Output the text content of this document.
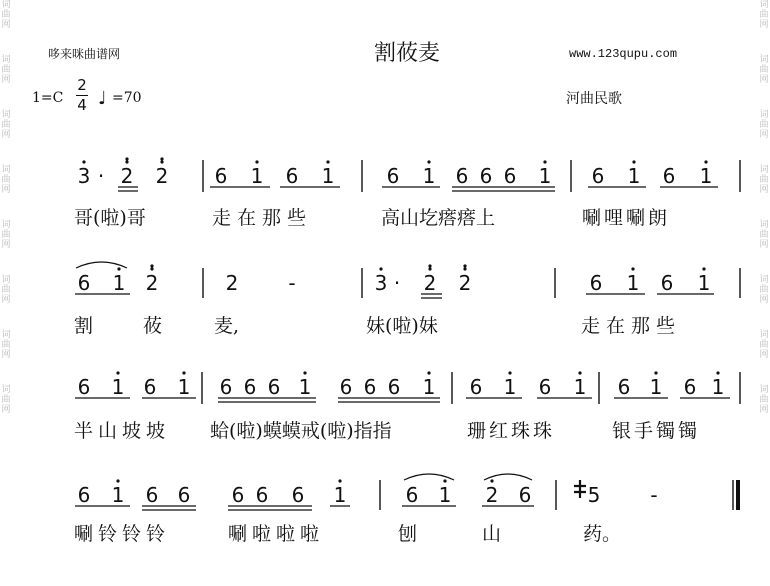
词
曲
网
词
曲
网
词
曲
网
词
曲
网
词
曲
网
词
曲
网
词
曲
网
词
曲
网
词
曲
网
词
曲
网
词
曲
网
词
曲
网
词
曲
网
词
曲
网
词
曲
网
词
曲
网
哆来咪曲谱网	割莜麦	www.123qupu.com
1=C
2
4 ♩ =70	河曲民歌
3 · 2 2 6 1 6 1	6 1 6 6 6 1 6 1 6 1
6 1 2	2	-	3 · 2 2	6 1 6 1
6 1 6 1 6 6 6 1 6 6 6 1 6 1 6 1 6 1 6 1
6 1 6 6 6 6 6 1	6 1 2 6	5	-
哥(啦)哥	走在那些	高山圪瘩瘩上	唰哩唰朗
割	莜	麦,	妹(啦)妹	走在那些
半山坡坡 蛤(啦)蟆蟆戒(啦)指指	珊红珠珠	银手镯镯
唰铃铃铃	唰啦啦啦	刨	山	药。
